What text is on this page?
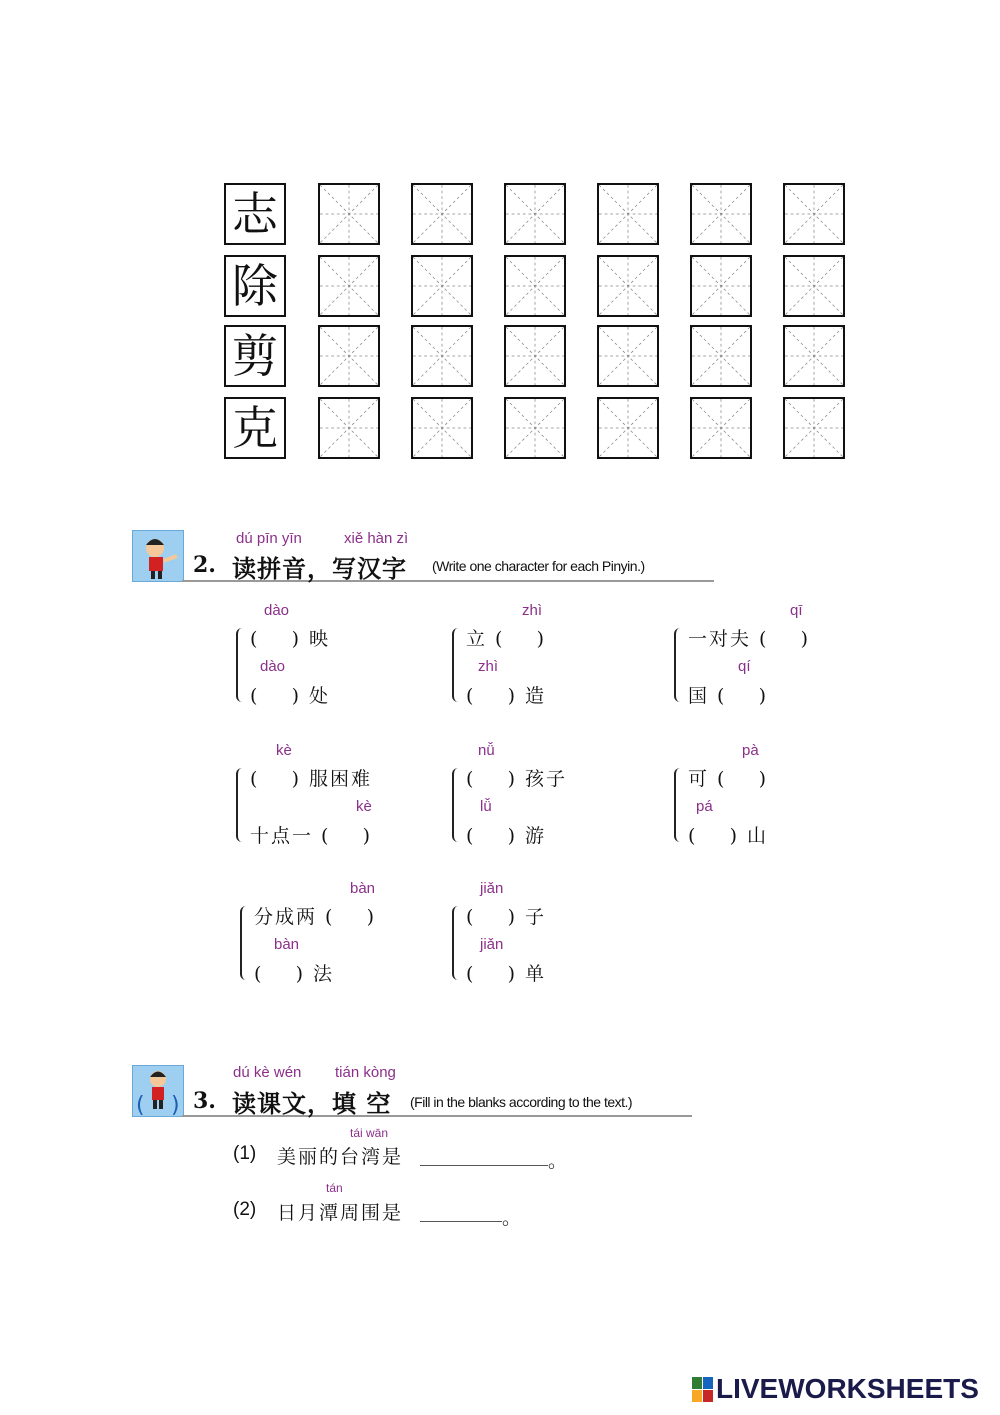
志
除
剪
克
dú pīn yīn	xiě hàn zì
2. 读拼音，写汉字 (Write one character for each Pinyin.)
dào
(    ) 映
dào
(    ) 处
zhì
立 (    )
zhì
(    ) 造
qī
一对夫 (    )
qí
国 (    )
kè
(    ) 服困难
kè
十点一 (    )
nǚ
(    ) 孩子
lǚ
(    ) 游
pà
可 (    )
pá
(    ) 山
bàn
分成两 (    )
bàn
(    ) 法
jiǎn
(    ) 子
jiǎn
(    ) 单
( )
dú kè wén tián kòng
3. 读课文，填 空 (Fill in the blanks according to the text.)
(1)
tái wān
美丽的台湾是	。
(2)
tán
日月潭周围是	。
LIVEWORKSHEETS
